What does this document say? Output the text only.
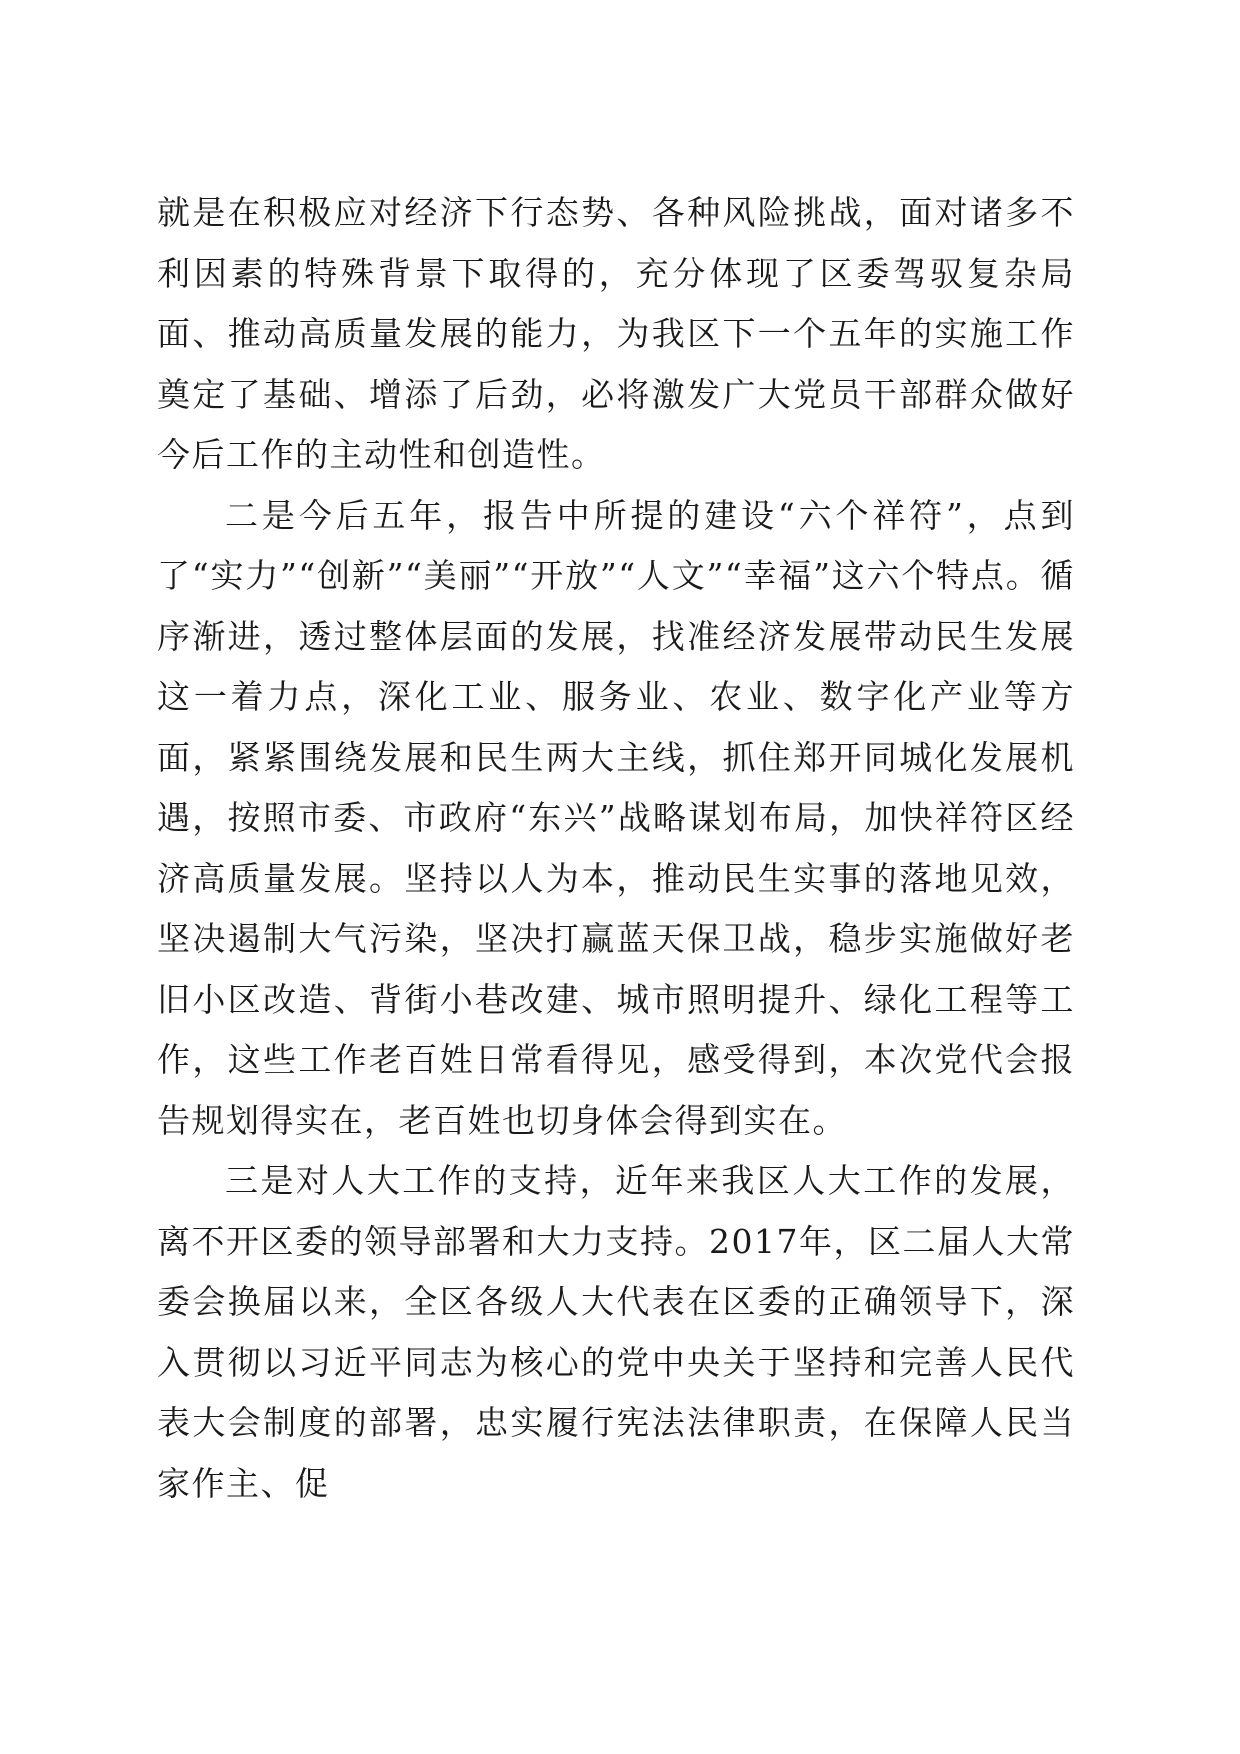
就是在积极应对经济下行态势、各种风险挑战，面对诸多不利因素的特殊背景下取得的，充分体现了区委驾驭复杂局面、推动高质量发展的能力，为我区下一个五年的实施工作奠定了基础、增添了后劲，必将激发广大党员干部群众做好今后工作的主动性和创造性。

二是今后五年，报告中所提的建设“六个祥符”，点到了“实力”“创新”“美丽”“开放”“人文”“幸福”这六个特点。循序渐进，透过整体层面的发展，找准经济发展带动民生发展这一着力点，深化工业、服务业、农业、数字化产业等方面，紧紧围绕发展和民生两大主线，抓住郑开同城化发展机遇，按照市委、市政府“东兴”战略谋划布局，加快祥符区经济高质量发展。坚持以人为本，推动民生实事的落地见效，坚决遏制大气污染，坚决打赢蓝天保卫战，稳步实施做好老旧小区改造、背街小巷改建、城市照明提升、绿化工程等工作，这些工作老百姓日常看得见，感受得到，本次党代会报告规划得实在，老百姓也切身体会得到实在。

三是对人大工作的支持，近年来我区人大工作的发展，离不开区委的领导部署和大力支持。2017年，区二届人大常委会换届以来，全区各级人大代表在区委的正确领导下，深入贯彻以习近平同志为核心的党中央关于坚持和完善人民代表大会制度的部署，忠实履行宪法法律职责，在保障人民当家作主、促
